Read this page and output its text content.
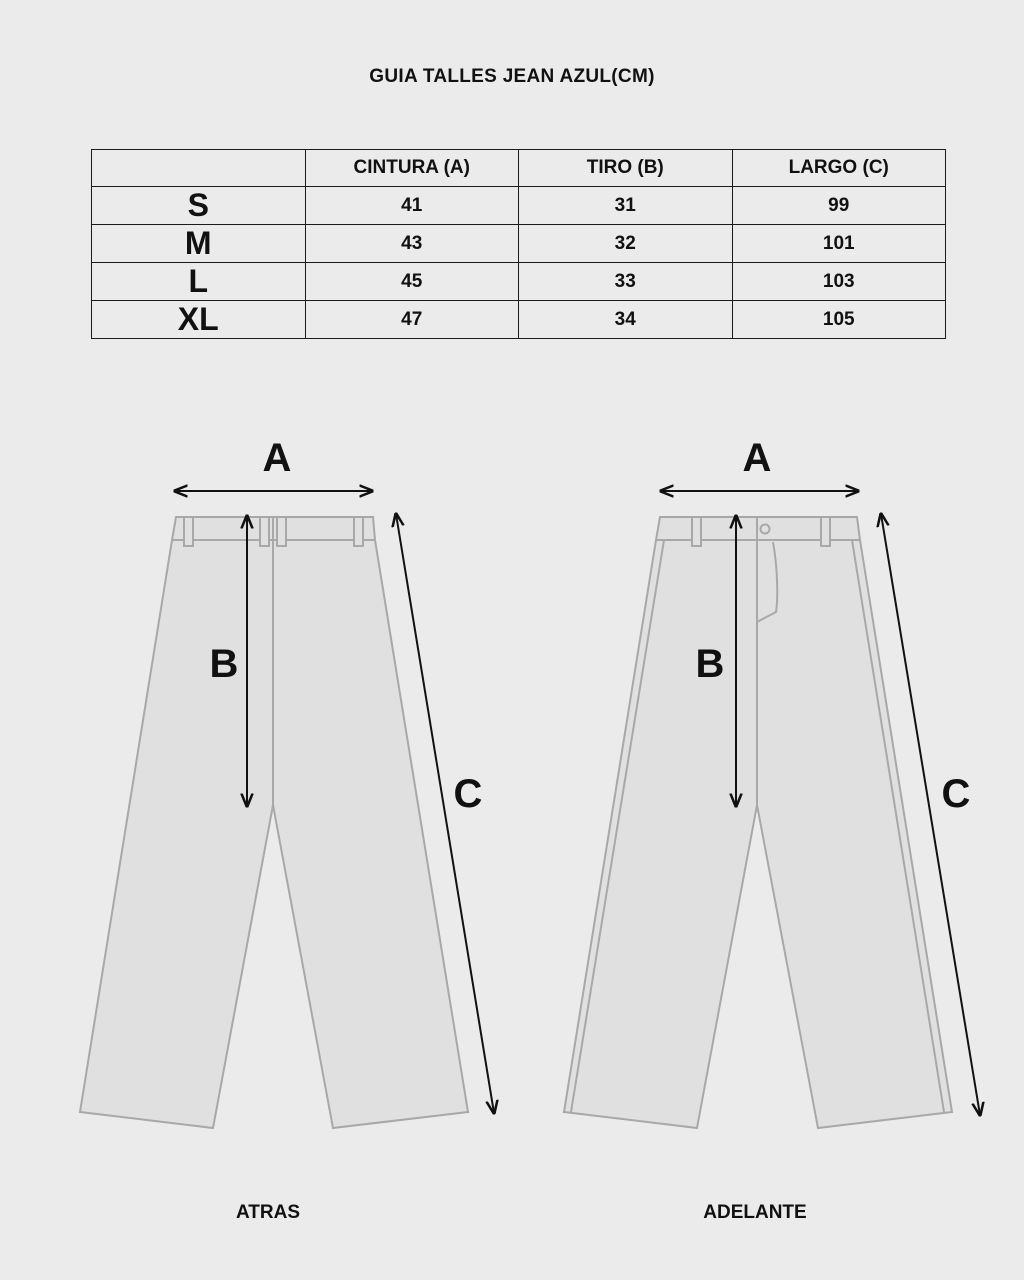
GUIA TALLES JEAN AZUL(CM)
	CINTURA (A)	TIRO (B)	LARGO (C)
S	41	31	99
M	43	32	101
L	45	33	103
XL	47	34	105
A
B
C
A
B
C
ATRAS	ADELANTE
